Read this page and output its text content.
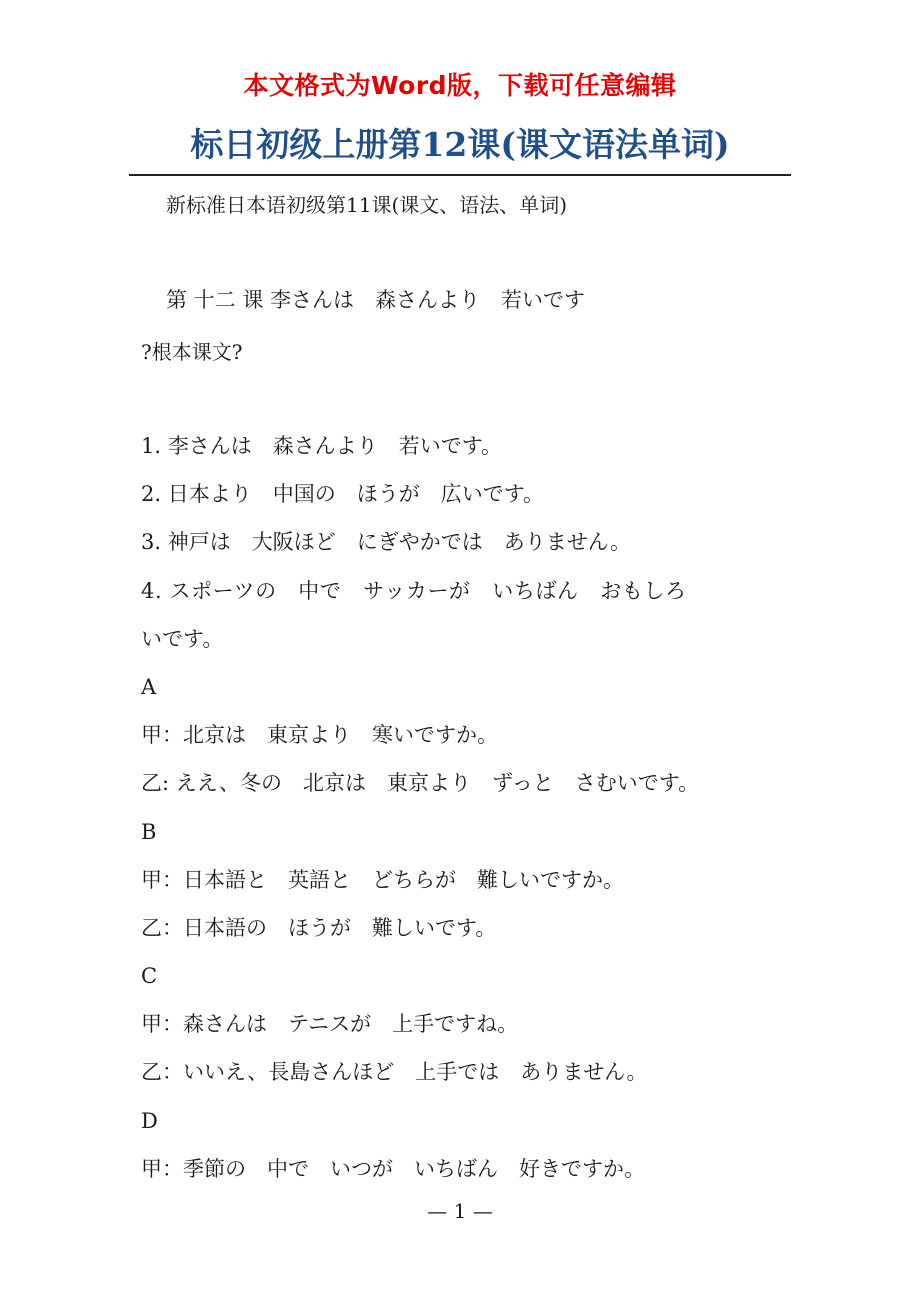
本文格式为Word版，下载可任意编辑
标日初级上册第12课(课文语法单词)
新标准日本语初级第11课(课文、语法、单词)
第 十二 课 李さんは　森さんより　若いです
?根本课文?
1. 李さんは　森さんより　若いです。
2. 日本より　中国の　ほうが　広いです。
3. 神戸は　大阪ほど　にぎやかでは　ありません。
4. スポーツの　中で　サッカーが　いちばん　おもしろ
いです。
A
甲：北京は　東京より　寒いですか。
乙: ええ、冬の　北京は　東京より　ずっと　さむいです。
B
甲：日本語と　英語と　どちらが　難しいですか。
乙：日本語の　ほうが　難しいです。
C
甲：森さんは　テニスが　上手ですね。
乙：いいえ、長島さんほど　上手では　ありません。
D
甲：季節の　中で　いつが　いちばん　好きですか。
— 1 —
